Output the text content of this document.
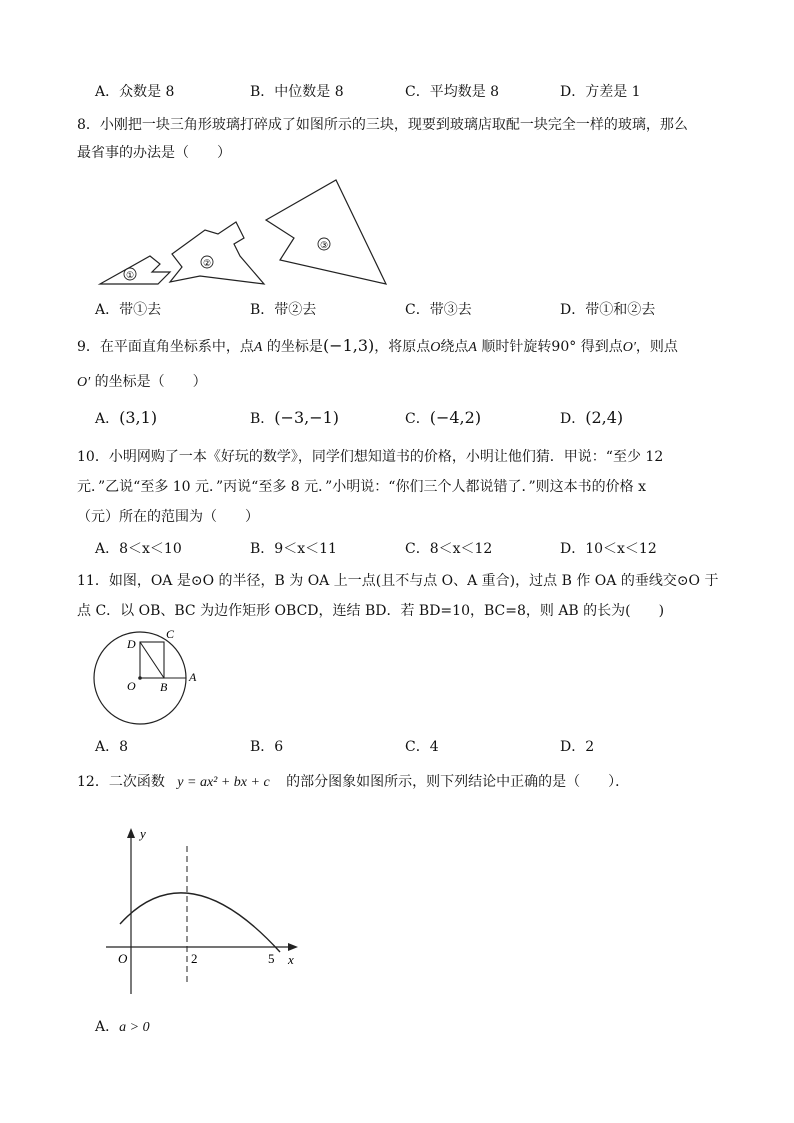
A．众数是 8	B．中位数是 8	C．平均数是 8	D．方差是 1
8．小刚把一块三角形玻璃打碎成了如图所示的三块，现要到玻璃店取配一块完全一样的玻璃，那么
最省事的办法是（　　）
①
②
③
A．带①去	B．带②去	C．带③去	D．带①和②去
9．在平面直角坐标系中，点A 的坐标是(−1,3)，将原点O绕点A 顺时针旋转90° 得到点O′，则点
O′ 的坐标是（　　）
A．(3,1)	B．(−3,−1)	C．(−4,2)	D．(2,4)
10．小明网购了一本《好玩的数学》，同学们想知道书的价格，小明让他们猜．甲说：“至少 12
元．”乙说“至多 10 元．”丙说“至多 8 元．”小明说：“你们三个人都说错了．”则这本书的价格 x
（元）所在的范围为（　　）
A．8＜x＜10	B．9＜x＜11	C．8＜x＜12	D．10＜x＜12
11．如图，OA 是⊙O 的半径，B 为 OA 上一点(且不与点 O、A 重合)，过点 B 作 OA 的垂线交⊙O 于
点 C．以 OB、BC 为边作矩形 OBCD，连结 BD．若 BD=10，BC=8，则 AB 的长为(　　)
C
D
O B
A
A．8	B．6	C．4	D．2
12．二次函数 y = ax² + bx + c 的部分图象如图所示，则下列结论中正确的是（　　）．
y
x
O	2	5
A．a > 0
